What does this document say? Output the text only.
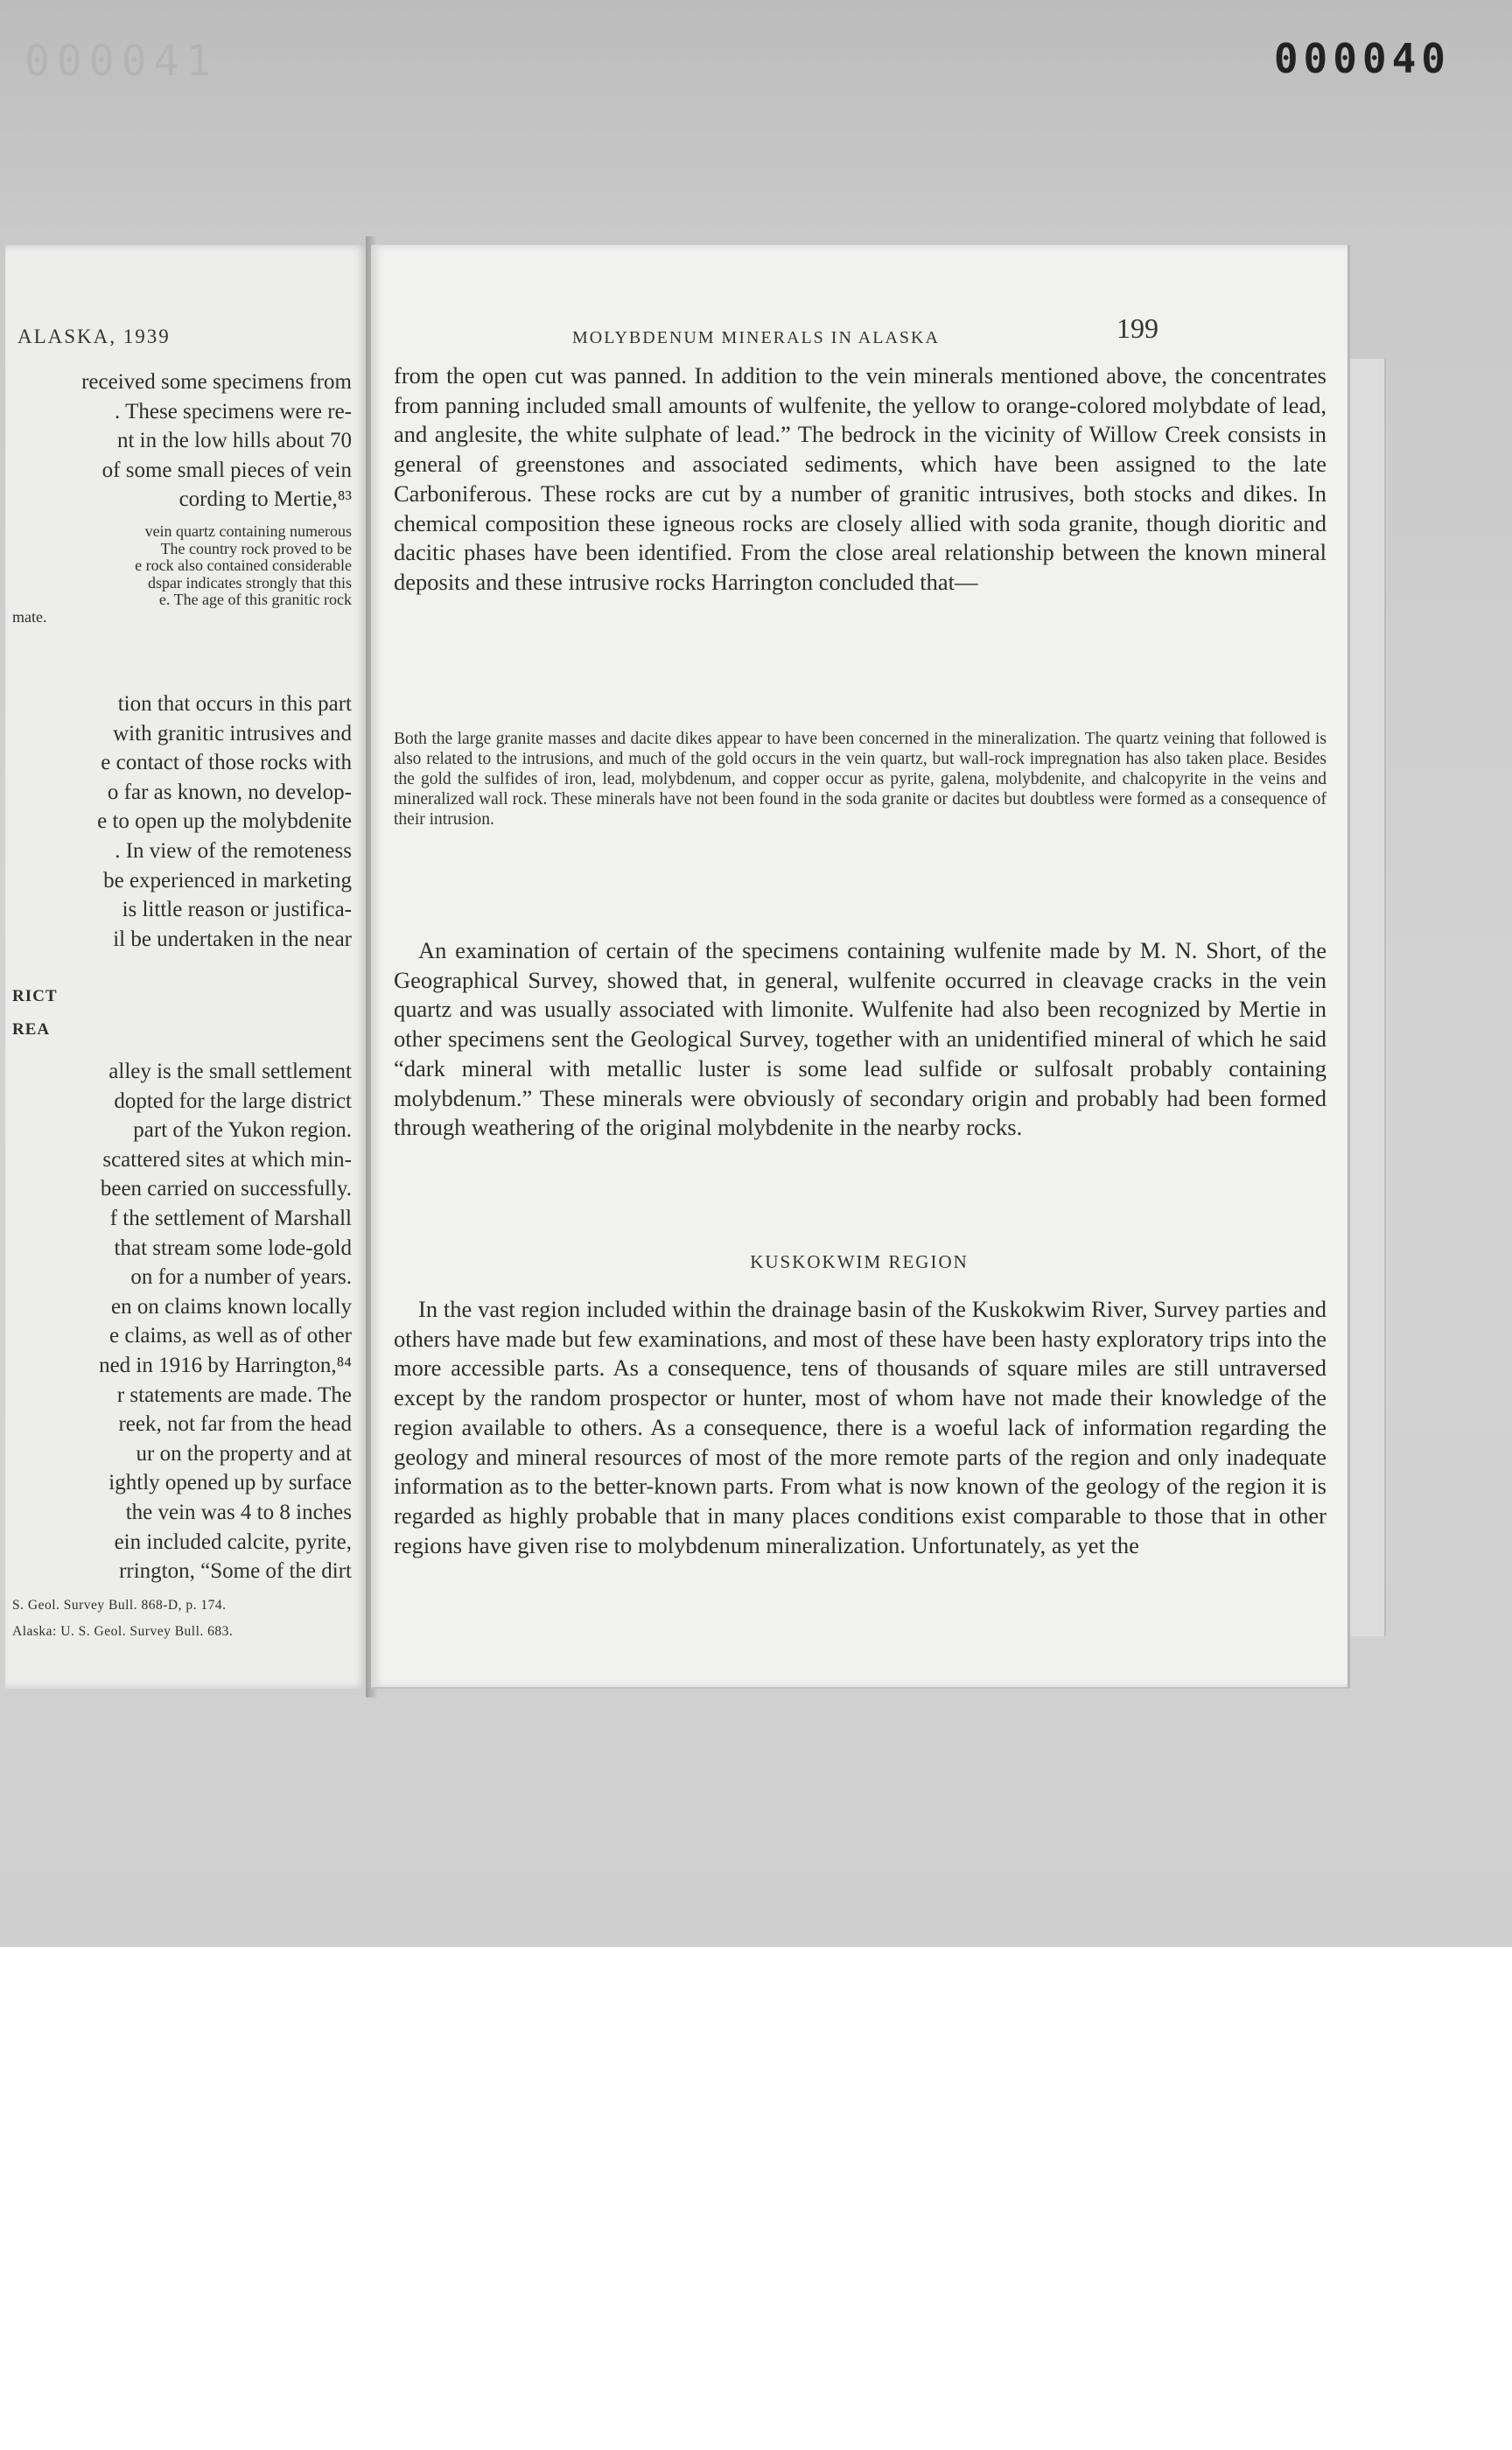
000041	000040
ALASKA, 1939
received some specimens from
. These specimens were re-
nt in the low hills about 70
of some small pieces of vein
cording to Mertie,⁸³
vein quartz containing numerous
The country rock proved to be
e rock also contained considerable
dspar indicates strongly that this
e. The age of this granitic rock
mate.
tion that occurs in this part
with granitic intrusives and
e contact of those rocks with
o far as known, no develop-
e to open up the molybdenite
. In view of the remoteness
be experienced in marketing
is little reason or justifica-
il be undertaken in the near
RICT
REA
alley is the small settlement
dopted for the large district
part of the Yukon region.
scattered sites at which min-
been carried on successfully.
f the settlement of Marshall
that stream some lode-gold
on for a number of years.
en on claims known locally
e claims, as well as of other
ned in 1916 by Harrington,⁸⁴
r statements are made. The
reek, not far from the head
ur on the property and at
ightly opened up by surface
the vein was 4 to 8 inches
ein included calcite, pyrite,
rrington, “Some of the dirt
S. Geol. Survey Bull. 868-D, p. 174.
Alaska: U. S. Geol. Survey Bull. 683.
MOLYBDENUM MINERALS IN ALASKA	199

from the open cut was panned. In addition to the vein minerals mentioned above, the concentrates from panning included small amounts of wulfenite, the yellow to orange-colored molybdate of lead, and anglesite, the white sulphate of lead.” The bedrock in the vicinity of Willow Creek consists in general of greenstones and associated sediments, which have been assigned to the late Carboniferous. These rocks are cut by a number of granitic intrusives, both stocks and dikes. In chemical composition these igneous rocks are closely allied with soda granite, though dioritic and dacitic phases have been identified. From the close areal relationship between the known mineral deposits and these intrusive rocks Harrington concluded that—

Both the large granite masses and dacite dikes appear to have been concerned in the mineralization. The quartz veining that followed is also related to the intrusions, and much of the gold occurs in the vein quartz, but wall-rock impregnation has also taken place. Besides the gold the sulfides of iron, lead, molybdenum, and copper occur as pyrite, galena, molybdenite, and chalcopyrite in the veins and mineralized wall rock. These minerals have not been found in the soda granite or dacites but doubtless were formed as a consequence of their intrusion.

An examination of certain of the specimens containing wulfenite made by M. N. Short, of the Geographical Survey, showed that, in general, wulfenite occurred in cleavage cracks in the vein quartz and was usually associated with limonite. Wulfenite had also been recognized by Mertie in other specimens sent the Geological Survey, together with an unidentified mineral of which he said “dark mineral with metallic luster is some lead sulfide or sulfosalt probably containing molybdenum.” These minerals were obviously of secondary origin and probably had been formed through weathering of the original molybdenite in the nearby rocks.

KUSKOKWIM REGION

In the vast region included within the drainage basin of the Kuskokwim River, Survey parties and others have made but few examinations, and most of these have been hasty exploratory trips into the more accessible parts. As a consequence, tens of thousands of square miles are still untraversed except by the random prospector or hunter, most of whom have not made their knowledge of the region available to others. As a consequence, there is a woeful lack of information regarding the geology and mineral resources of most of the more remote parts of the region and only inadequate information as to the better-known parts. From what is now known of the geology of the region it is regarded as highly probable that in many places conditions exist comparable to those that in other regions have given rise to molybdenum mineralization. Unfortunately, as yet the
